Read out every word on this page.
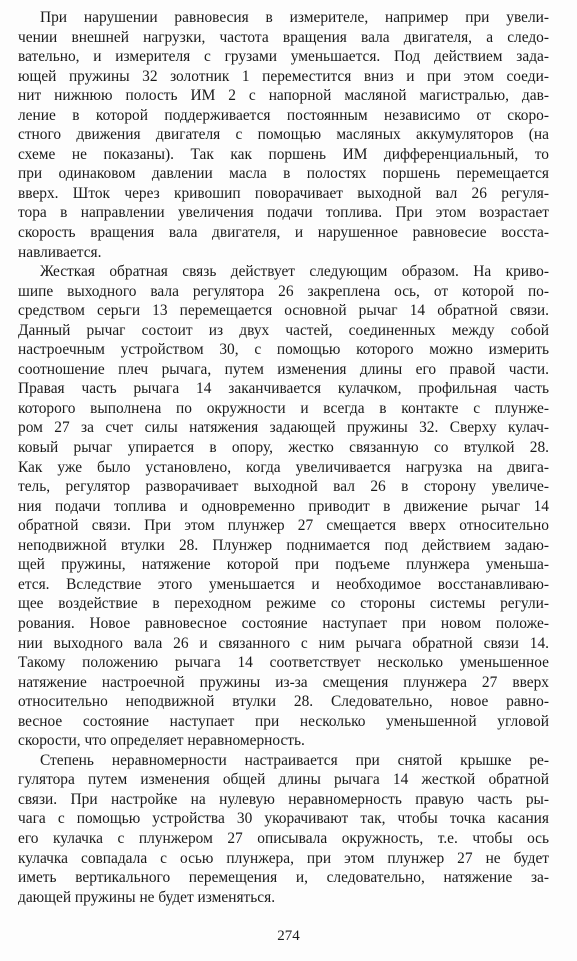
При нарушении равновесия в измерителе, например при увели-
чении внешней нагрузки, частота вращения вала двигателя, а следо-
вательно, и измерителя с грузами уменьшается. Под действием зада-
ющей пружины 32 золотник 1 переместится вниз и при этом соеди-
нит нижнюю полость ИМ 2 с напорной масляной магистралью, дав-
ление в которой поддерживается постоянным независимо от скоро-
стного движения двигателя с помощью масляных аккумуляторов (на
схеме не показаны). Так как поршень ИМ дифференциальный, то
при одинаковом давлении масла в полостях поршень перемещается
вверх. Шток через кривошип поворачивает выходной вал 26 регуля-
тора в направлении увеличения подачи топлива. При этом возрастает
скорость вращения вала двигателя, и нарушенное равновесие восста-
навливается.
Жесткая обратная связь действует следующим образом. На криво-
шипе выходного вала регулятора 26 закреплена ось, от которой по-
средством серьги 13 перемещается основной рычаг 14 обратной связи.
Данный рычаг состоит из двух частей, соединенных между собой
настроечным устройством 30, с помощью которого можно измерить
соотношение плеч рычага, путем изменения длины его правой части.
Правая часть рычага 14 заканчивается кулачком, профильная часть
которого выполнена по окружности и всегда в контакте с плунже-
ром 27 за счет силы натяжения задающей пружины 32. Сверху кулач-
ковый рычаг упирается в опору, жестко связанную со втулкой 28.
Как уже было установлено, когда увеличивается нагрузка на двига-
тель, регулятор разворачивает выходной вал 26 в сторону увеличе-
ния подачи топлива и одновременно приводит в движение рычаг 14
обратной связи. При этом плунжер 27 смещается вверх относительно
неподвижной втулки 28. Плунжер поднимается под действием задаю-
щей пружины, натяжение которой при подъеме плунжера уменьша-
ется. Вследствие этого уменьшается и необходимое восстанавливаю-
щее воздействие в переходном режиме со стороны системы регули-
рования. Новое равновесное состояние наступает при новом положе-
нии выходного вала 26 и связанного с ним рычага обратной связи 14.
Такому положению рычага 14 соответствует несколько уменьшенное
натяжение настроечной пружины из-за смещения плунжера 27 вверх
относительно неподвижной втулки 28. Следовательно, новое равно-
весное состояние наступает при несколько уменьшенной угловой
скорости, что определяет неравномерность.
Степень неравномерности настраивается при снятой крышке ре-
гулятора путем изменения общей длины рычага 14 жесткой обратной
связи. При настройке на нулевую неравномерность правую часть ры-
чага с помощью устройства 30 укорачивают так, чтобы точка касания
его кулачка с плунжером 27 описывала окружность, т.е. чтобы ось
кулачка совпадала с осью плунжера, при этом плунжер 27 не будет
иметь вертикального перемещения и, следовательно, натяжение за-
дающей пружины не будет изменяться.
274
